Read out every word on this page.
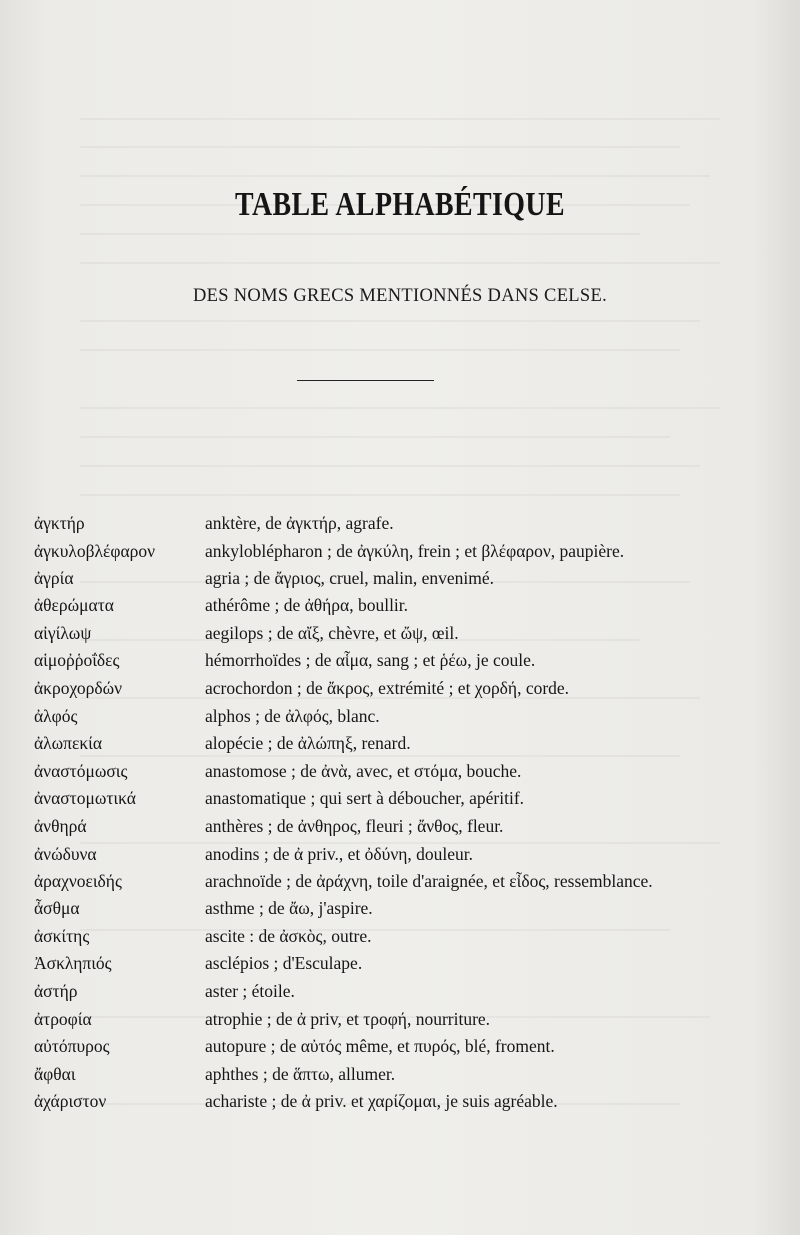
TABLE ALPHABÉTIQUE
DES NOMS GRECS MENTIONNÉS DANS CELSE.
ἀγκτήρ	anktère, de ἀγκτήρ, agrafe.
ἀγκυλοβλέφαρον	ankyloblépharon ; de ἀγκύλη, frein ; et βλέφαρον, paupière.
ἀγρία	agria ; de ἄγριος, cruel, malin, envenimé.
ἀθερώματα	athérôme ; de ἀθήρα, boullir.
αἰγίλωψ	aegilops ; de αἴξ, chèvre, et ὤψ, œil.
αἱμοῤῥοΐδες	hémorrhoïdes ; de αἷμα, sang ; et ῥέω, je coule.
ἀκροχορδών	acrochordon ; de ἄκρος, extrémité ; et χορδή, corde.
ἀλφός	alphos ; de ἀλφός, blanc.
ἀλωπεκία	alopécie ; de ἀλώπηξ, renard.
ἀναστόμωσις	anastomose ; de ἀνὰ, avec, et στόμα, bouche.
ἀναστομωτικά	anastomatique ; qui sert à déboucher, apéritif.
ἀνθηρά	anthères ; de ἀνθηρος, fleuri ; ἄνθος, fleur.
ἀνώδυνα	anodins ; de ἀ priv., et ὀδύνη, douleur.
ἀραχνοειδής	arachnoïde ; de ἀράχνη, toile d'araignée, et εἶδος, ressemblance.
ἆσθμα	asthme ; de ἄω, j'aspire.
ἀσκίτης	ascite : de ἀσκὸς, outre.
Ἀσκληπιός	asclépios ; d'Esculape.
ἀστήρ	aster ; étoile.
ἀτροφία	atrophie ; de ἀ priv, et τροφή, nourriture.
αὐτόπυρος	autopure ; de αὐτός même, et πυρός, blé, froment.
ἄφθαι	aphthes ; de ἅπτω, allumer.
ἀχάριστον	achariste ; de ἀ priv. et χαρίζομαι, je suis agréable.
